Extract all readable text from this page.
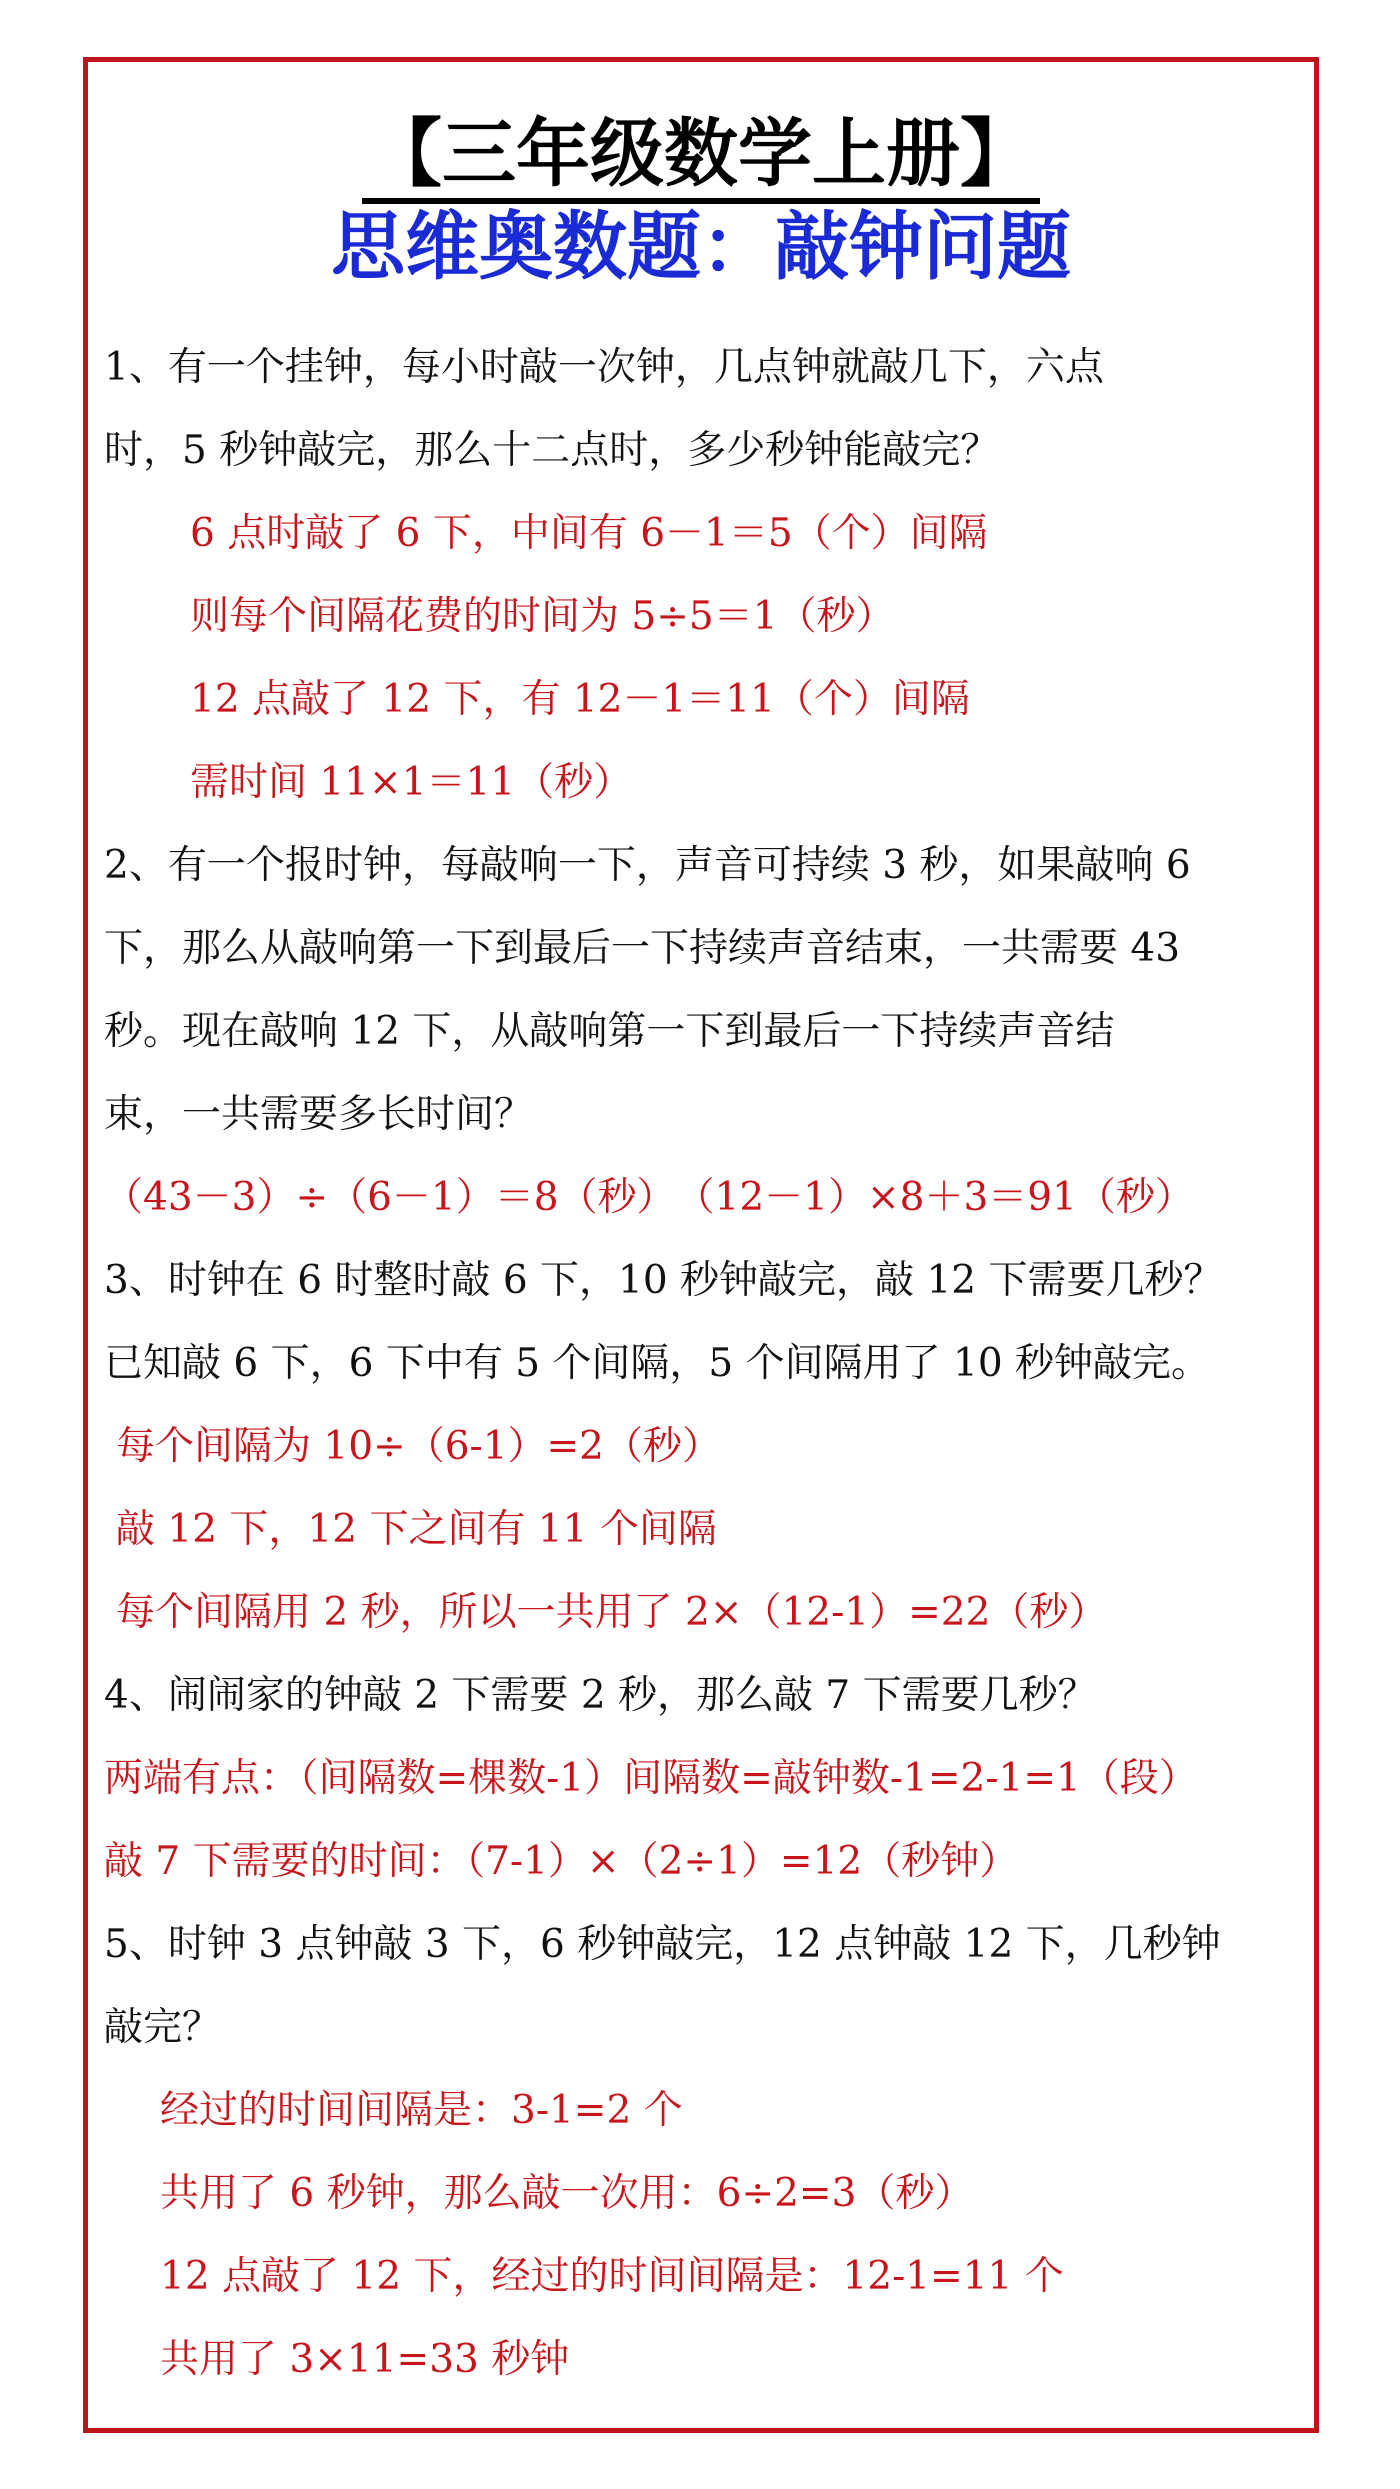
【三年级数学上册】
思维奥数题：敲钟问题
1、有一个挂钟，每小时敲一次钟，几点钟就敲几下，六点
时，5 秒钟敲完，那么十二点时，多少秒钟能敲完？
6 点时敲了 6 下，中间有 6－1＝5（个）间隔
则每个间隔花费的时间为 5÷5＝1（秒）
12 点敲了 12 下，有 12－1＝11（个）间隔
需时间 11×1＝11（秒）
2、有一个报时钟，每敲响一下，声音可持续 3 秒，如果敲响 6
下，那么从敲响第一下到最后一下持续声音结束，一共需要 43
秒。现在敲响 12 下，从敲响第一下到最后一下持续声音结
束，一共需要多长时间？
（43－3）÷（6－1）＝8（秒）　（12－1）×8＋3＝91（秒）
3、时钟在 6 时整时敲 6 下，10 秒钟敲完，敲 12 下需要几秒？
已知敲 6 下，6 下中有 5 个间隔，5 个间隔用了 10 秒钟敲完。
每个间隔为 10÷（6-1）=2（秒）
敲 12 下，12 下之间有 11 个间隔
每个间隔用 2 秒，所以一共用了 2×（12-1）=22（秒）
4、闹闹家的钟敲 2 下需要 2 秒，那么敲 7 下需要几秒？
两端有点：（间隔数=棵数-1）间隔数=敲钟数-1=2-1=1（段）
敲 7 下需要的时间：（7-1）×（2÷1）=12（秒钟）
5、时钟 3 点钟敲 3 下，6 秒钟敲完，12 点钟敲 12 下，几秒钟
敲完？
经过的时间间隔是：3-1=2 个
共用了 6 秒钟，那么敲一次用：6÷2=3（秒）
12 点敲了 12 下，经过的时间间隔是：12-1=11 个
共用了 3×11=33 秒钟
